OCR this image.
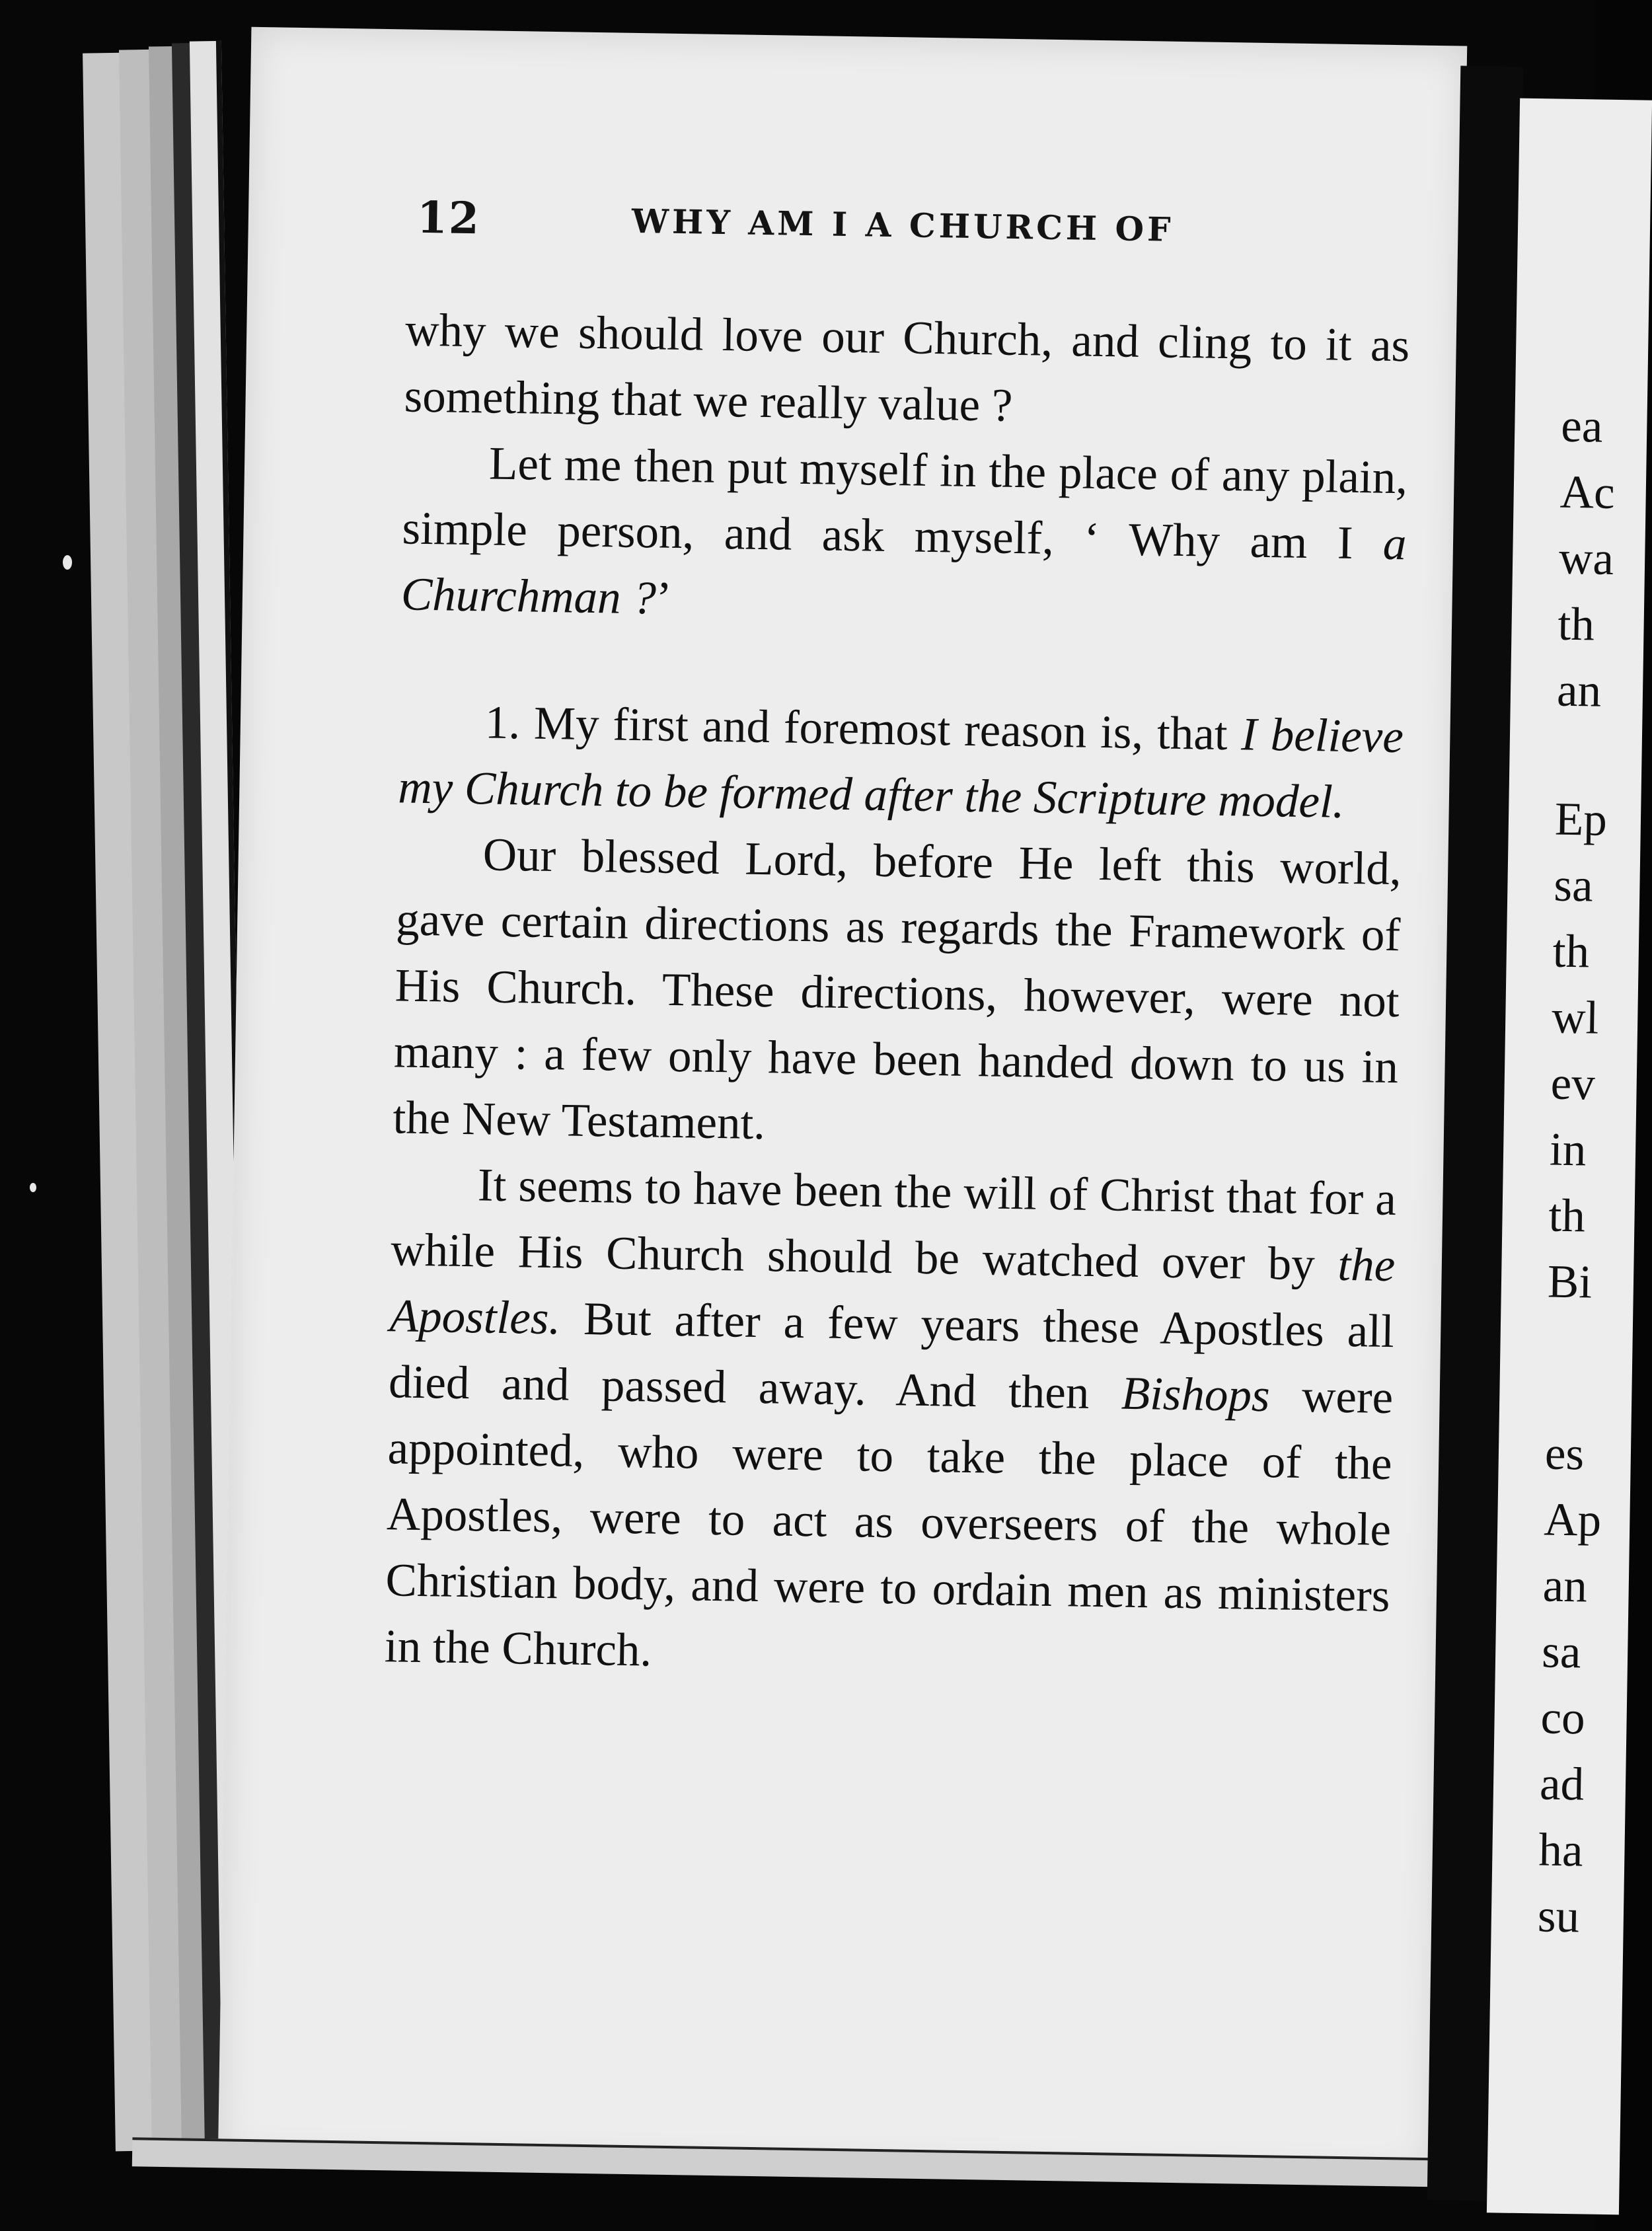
12	WHY AM I A CHURCH OF

why we should love our Church, and cling to it as something that we really value ?

Let me then put myself in the place of any plain, simple person, and ask myself, ‘ Why am I a Churchman ?’

1. My first and foremost reason is, that I believe my Church to be formed after the Scripture model.

Our blessed Lord, before He left this world, gave certain directions as regards the Framework of His Church. These directions, however, were not many : a few only have been handed down to us in the New Testament.

It seems to have been the will of Christ that for a while His Church should be watched over by the Apostles. But after a few years these Apostles all died and passed away. And then Bishops were appointed, who were to take the place of the Apostles, were to act as overseers of the whole Christian body, and were to ordain men as ministers in the Church.

ea
Ac
wa
th
an
Ep
sa
th
wl
ev
in
th
Bi
es
Ap
an
sa
co
ad
ha
su
